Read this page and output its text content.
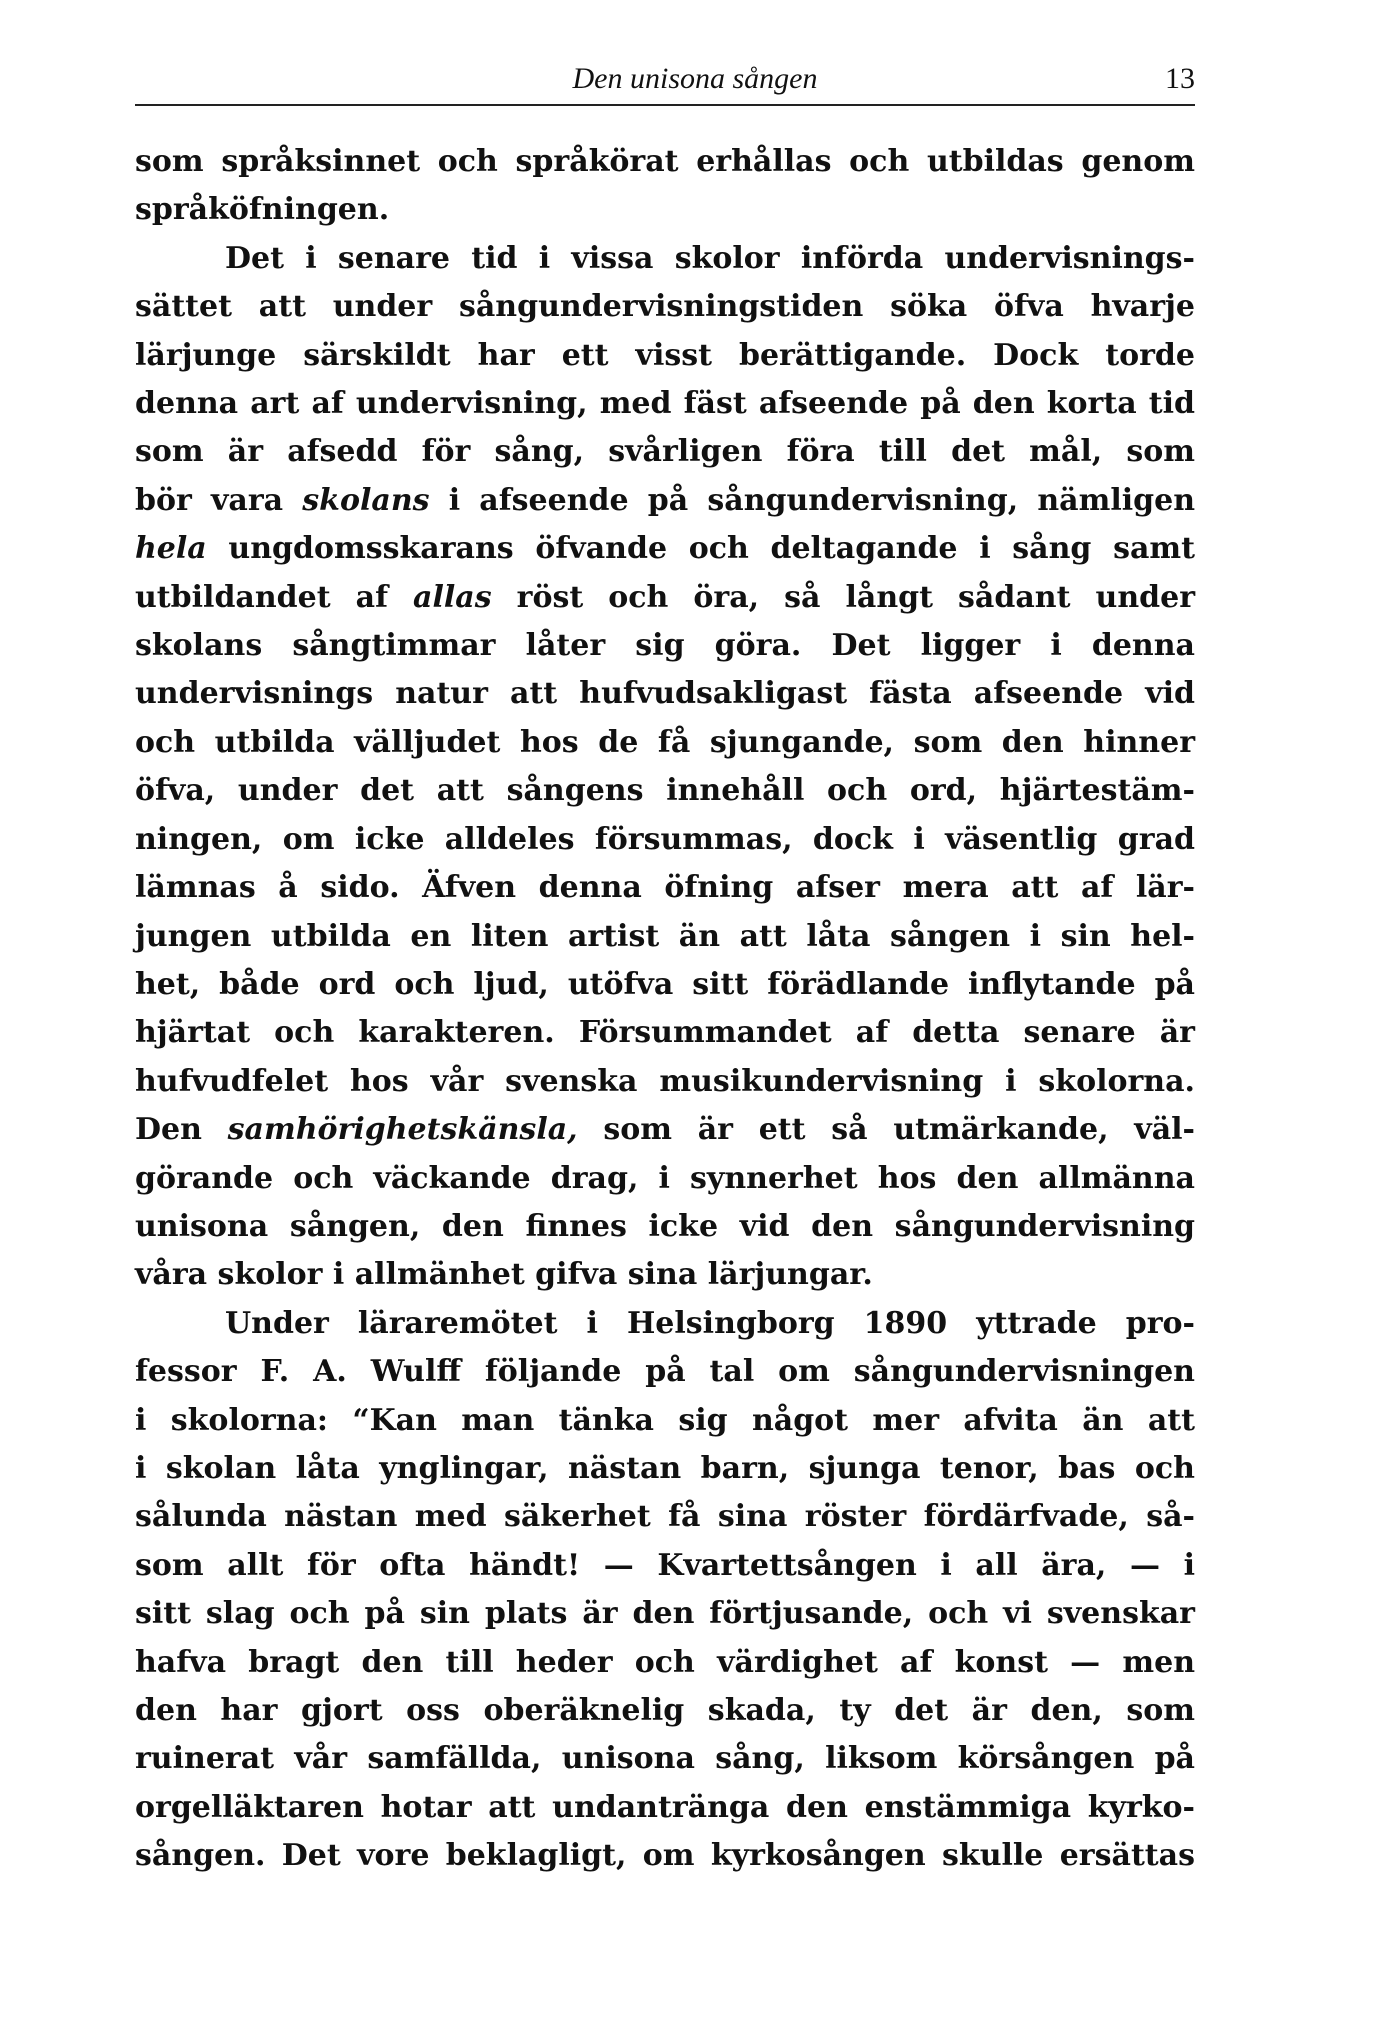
Den unisona sången	13
som språksinnet och språkörat erhållas och utbildas genom
språköfningen.
Det i senare tid i vissa skolor införda undervisnings-
sättet att under sångundervisningstiden söka öfva hvarje
lärjunge särskildt har ett visst berättigande. Dock torde
denna art af undervisning, med fäst afseende på den korta tid
som är afsedd för sång, svårligen föra till det mål, som
bör vara skolans i afseende på sångundervisning, nämligen
hela ungdomsskarans öfvande och deltagande i sång samt
utbildandet af allas röst och öra, så långt sådant under
skolans sångtimmar låter sig göra. Det ligger i denna
undervisnings natur att hufvudsakligast fästa afseende vid
och utbilda välljudet hos de få sjungande, som den hinner
öfva, under det att sångens innehåll och ord, hjärtestäm-
ningen, om icke alldeles försummas, dock i väsentlig grad
lämnas å sido. Äfven denna öfning afser mera att af lär-
jungen utbilda en liten artist än att låta sången i sin hel-
het, både ord och ljud, utöfva sitt förädlande inflytande på
hjärtat och karakteren. Försummandet af detta senare är
hufvudfelet hos vår svenska musikundervisning i skolorna.
Den samhörighetskänsla, som är ett så utmärkande, väl-
görande och väckande drag, i synnerhet hos den allmänna
unisona sången, den finnes icke vid den sångundervisning
våra skolor i allmänhet gifva sina lärjungar.
Under läraremötet i Helsingborg 1890 yttrade pro-
fessor F. A. Wulff följande på tal om sångundervisningen
i skolorna: “Kan man tänka sig något mer afvita än att
i skolan låta ynglingar, nästan barn, sjunga tenor, bas och
sålunda nästan med säkerhet få sina röster fördärfvade, så-
som allt för ofta händt! — Kvartettsången i all ära, — i
sitt slag och på sin plats är den förtjusande, och vi svenskar
hafva bragt den till heder och värdighet af konst — men
den har gjort oss oberäknelig skada, ty det är den, som
ruinerat vår samfällda, unisona sång, liksom körsången på
orgelläktaren hotar att undantränga den enstämmiga kyrko-
sången. Det vore beklagligt, om kyrkosången skulle ersättas
